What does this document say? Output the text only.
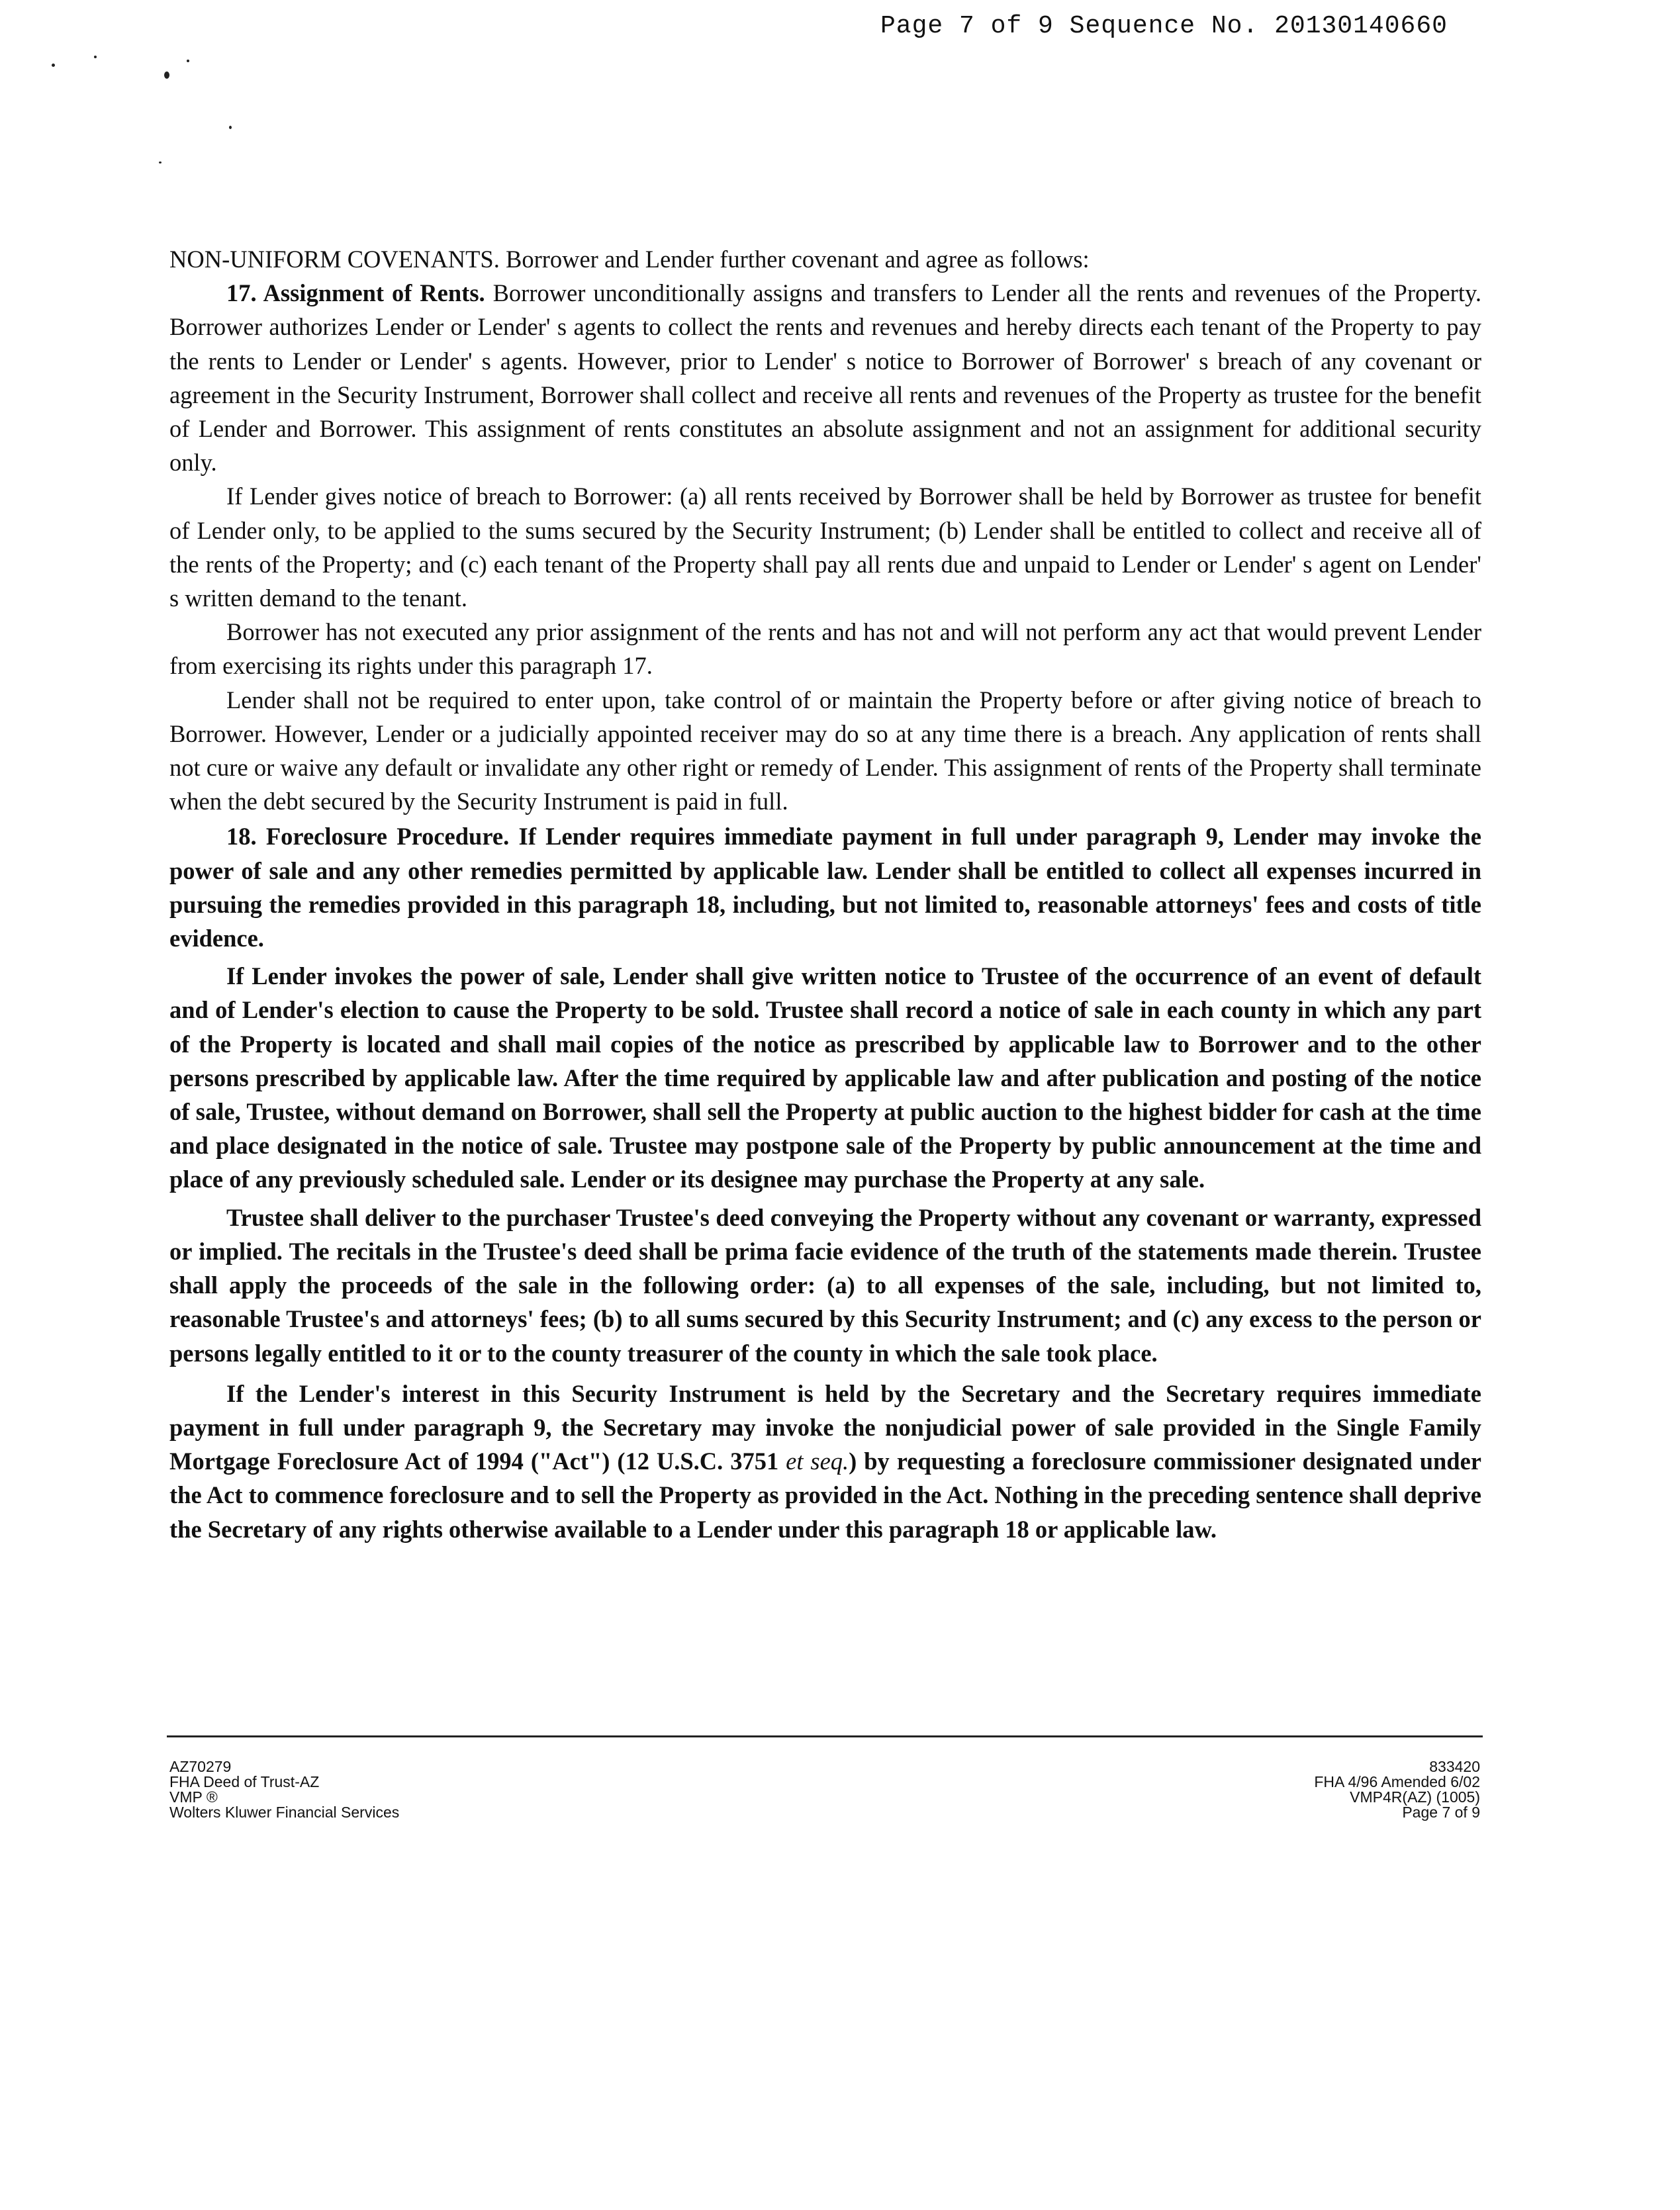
Page 7 of 9 Sequence No. 20130140660

NON-UNIFORM COVENANTS. Borrower and Lender further covenant and agree as follows:

17. Assignment of Rents. Borrower unconditionally assigns and transfers to Lender all the rents and revenues of the Property. Borrower authorizes Lender or Lender' s agents to collect the rents and revenues and hereby directs each tenant of the Property to pay the rents to Lender or Lender' s agents. However, prior to Lender' s notice to Borrower of Borrower' s breach of any covenant or agreement in the Security Instrument, Borrower shall collect and receive all rents and revenues of the Property as trustee for the benefit of Lender and Borrower. This assignment of rents constitutes an absolute assignment and not an assignment for additional security only.

If Lender gives notice of breach to Borrower: (a) all rents received by Borrower shall be held by Borrower as trustee for benefit of Lender only, to be applied to the sums secured by the Security Instrument; (b) Lender shall be entitled to collect and receive all of the rents of the Property; and (c) each tenant of the Property shall pay all rents due and unpaid to Lender or Lender' s agent on Lender' s written demand to the tenant.

Borrower has not executed any prior assignment of the rents and has not and will not perform any act that would prevent Lender from exercising its rights under this paragraph 17.

Lender shall not be required to enter upon, take control of or maintain the Property before or after giving notice of breach to Borrower. However, Lender or a judicially appointed receiver may do so at any time there is a breach. Any application of rents shall not cure or waive any default or invalidate any other right or remedy of Lender. This assignment of rents of the Property shall terminate when the debt secured by the Security Instrument is paid in full.

18. Foreclosure Procedure. If Lender requires immediate payment in full under paragraph 9, Lender may invoke the power of sale and any other remedies permitted by applicable law. Lender shall be entitled to collect all expenses incurred in pursuing the remedies provided in this paragraph 18, including, but not limited to, reasonable attorneys' fees and costs of title evidence.

If Lender invokes the power of sale, Lender shall give written notice to Trustee of the occurrence of an event of default and of Lender's election to cause the Property to be sold. Trustee shall record a notice of sale in each county in which any part of the Property is located and shall mail copies of the notice as prescribed by applicable law to Borrower and to the other persons prescribed by applicable law. After the time required by applicable law and after publication and posting of the notice of sale, Trustee, without demand on Borrower, shall sell the Property at public auction to the highest bidder for cash at the time and place designated in the notice of sale. Trustee may postpone sale of the Property by public announcement at the time and place of any previously scheduled sale. Lender or its designee may purchase the Property at any sale.

Trustee shall deliver to the purchaser Trustee's deed conveying the Property without any covenant or warranty, expressed or implied. The recitals in the Trustee's deed shall be prima facie evidence of the truth of the statements made therein. Trustee shall apply the proceeds of the sale in the following order: (a) to all expenses of the sale, including, but not limited to, reasonable Trustee's and attorneys' fees; (b) to all sums secured by this Security Instrument; and (c) any excess to the person or persons legally entitled to it or to the county treasurer of the county in which the sale took place.

If the Lender's interest in this Security Instrument is held by the Secretary and the Secretary requires immediate payment in full under paragraph 9, the Secretary may invoke the nonjudicial power of sale provided in the Single Family Mortgage Foreclosure Act of 1994 ("Act") (12 U.S.C. 3751 et seq.) by requesting a foreclosure commissioner designated under the Act to commence foreclosure and to sell the Property as provided in the Act. Nothing in the preceding sentence shall deprive the Secretary of any rights otherwise available to a Lender under this paragraph 18 or applicable law.

AZ70279
FHA Deed of Trust-AZ
VMP ®
Wolters Kluwer Financial Services
833420
FHA 4/96 Amended 6/02
VMP4R(AZ) (1005)
Page 7 of 9
